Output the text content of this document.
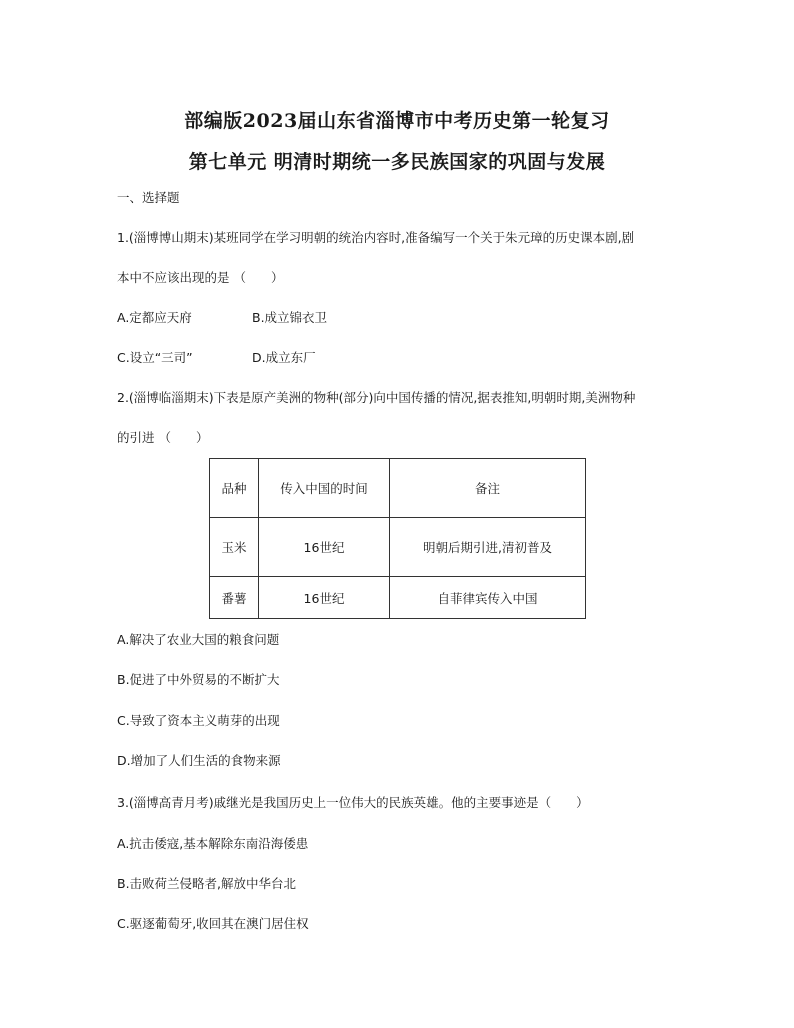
部编版2023届山东省淄博市中考历史第一轮复习
第七单元 明清时期统一多民族国家的巩固与发展
一、选择题
1.(淄博博山期末)某班同学在学习明朝的统治内容时,准备编写一个关于朱元璋的历史课本剧,剧
本中不应该出现的是 （　　）
A.定都应天府	B.成立锦衣卫
C.设立“三司”	D.成立东厂
2.(淄博临淄期末)下表是原产美洲的物种(部分)向中国传播的情况,据表推知,明朝时期,美洲物种
的引进 （　　）
品种	传入中国的时间	备注
玉米	16世纪	明朝后期引进,清初普及
番薯	16世纪	自菲律宾传入中国
A.解决了农业大国的粮食问题
B.促进了中外贸易的不断扩大
C.导致了资本主义萌芽的出现
D.增加了人们生活的食物来源
3.(淄博高青月考)戚继光是我国历史上一位伟大的民族英雄。他的主要事迹是（　　）
A.抗击倭寇,基本解除东南沿海倭患
B.击败荷兰侵略者,解放中华台北
C.驱逐葡萄牙,收回其在澳门居住权
